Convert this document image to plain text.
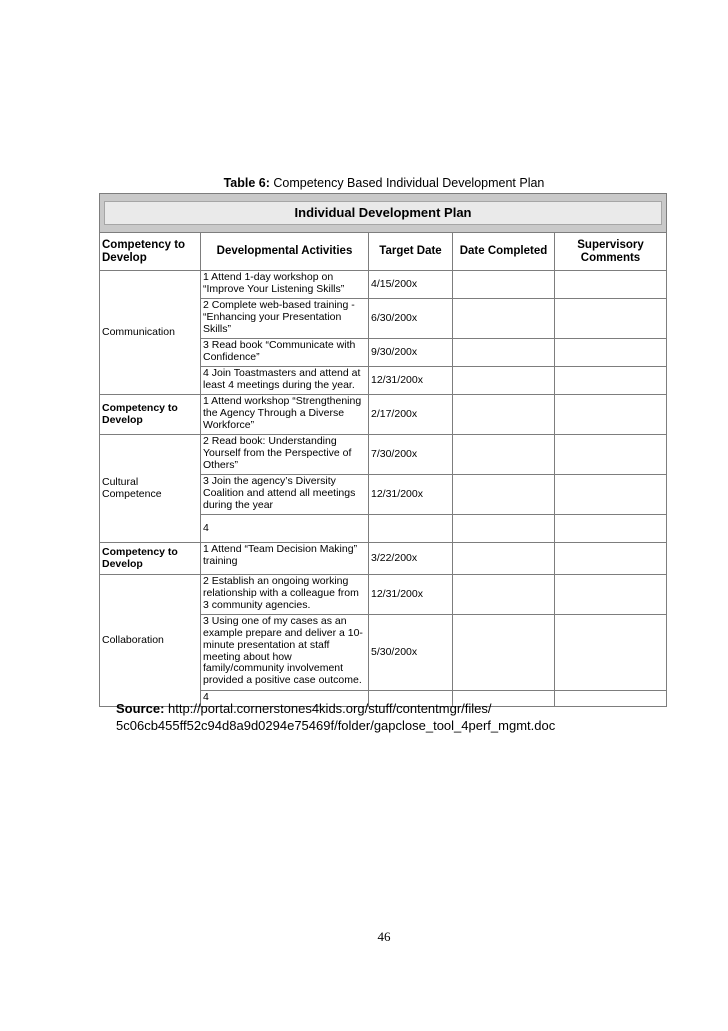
Table 6: Competency Based Individual Development Plan
Individual Development Plan				

Competency to Develop	Developmental Activities	Target Date	Date Completed	Supervisory Comments
Communication	1 Attend 1-day workshop on “Improve Your Listening Skills”	4/15/200x		
	2 Complete web-based training - “Enhancing your Presentation Skills”	6/30/200x		
	3 Read book “Communicate with Confidence”	9/30/200x		
	4 Join Toastmasters and attend at least 4 meetings during the year.	12/31/200x		
Competency to Develop	1 Attend workshop “Strengthening the Agency Through a Diverse Workforce”	2/17/200x		
Cultural Competence	2 Read book: Understanding Yourself from the Perspective of Others”	7/30/200x		
	3 Join the agency’s Diversity Coalition and attend all meetings during the year	12/31/200x		
	4			
Competency to Develop	1 Attend “Team Decision Making” training	3/22/200x		
Collaboration	2 Establish an ongoing working relationship with a colleague from 3 community agencies.	12/31/200x		
	3 Using one of my cases as an example prepare and deliver a 10-minute presentation at staff meeting about how family/community involvement provided a positive case outcome.	5/30/200x		
	4			
Source: http://portal.cornerstones4kids.org/stuff/contentmgr/files/
5c06cb455ff52c94d8a9d0294e75469f/folder/gapclose_tool_4perf_mgmt.doc
46
